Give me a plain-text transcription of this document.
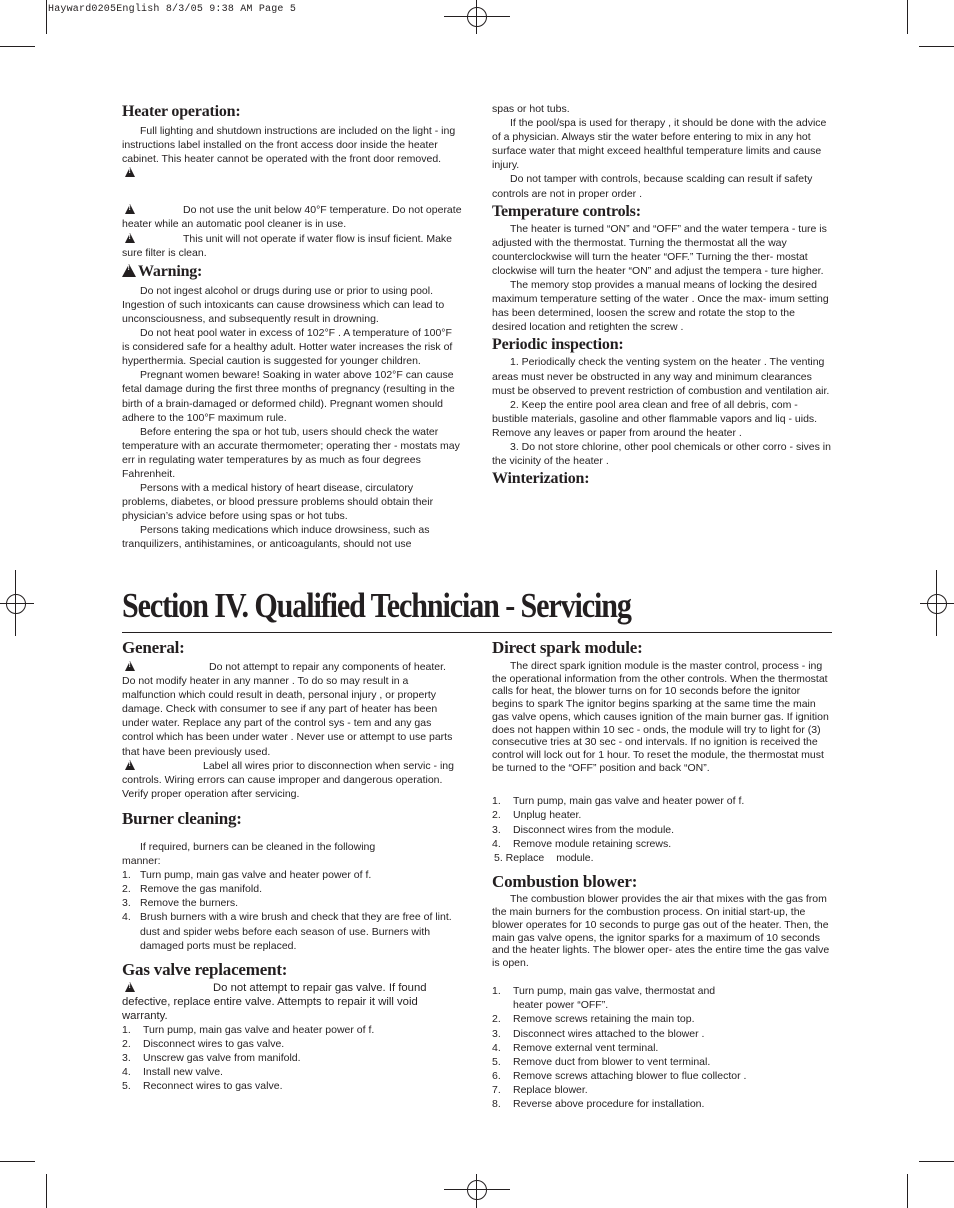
Hayward0205English 8/3/05 9:38 AM Page 5

Heater operation:

Full lighting and shutdown instructions are included on the light - ing instructions label installed on the front access door inside the heater cabinet. This heater cannot be operated with the front door removed.

!

!Do not use the unit below 40°F temperature. Do not operate heater while an automatic pool cleaner is in use.

!This unit will not operate if water flow is insuf ficient. Make sure filter is clean.

!Warning:

Do not ingest alcohol or drugs during use or prior to using pool. Ingestion of such intoxicants can cause drowsiness which can lead to unconsciousness, and subsequently result in drowning.

Do not heat pool water in excess of 102°F . A temperature of 100°F is considered safe for a healthy adult. Hotter water increases the risk of hyperthermia. Special caution is suggested for younger children.

Pregnant women beware! Soaking in water above 102°F can cause fetal damage during the first three months of pregnancy (resulting in the birth of a brain-damaged or deformed child). Pregnant women should adhere to the 100°F maximum rule.

Before entering the spa or hot tub, users should check the water temperature with an accurate thermometer; operating ther - mostats may err in regulating water temperatures by as much as four degrees Fahrenheit.

Persons with a medical history of heart disease, circulatory problems, diabetes, or blood pressure problems should obtain their physician’s advice before using spas or hot tubs.

Persons taking medications which induce drowsiness, such as tranquilizers, antihistamines, or anticoagulants, should not use

spas or hot tubs.

If the pool/spa is used for therapy , it should be done with the advice of a physician. Always stir the water before entering to mix in any hot surface water that might exceed healthful temperature limits and cause injury.

Do not tamper with controls, because scalding can result if safety controls are not in proper order .

Temperature controls:

The heater is turned “ON” and “OFF” and the water tempera - ture is adjusted with the thermostat. Turning the thermostat all the way counterclockwise will turn the heater “OFF.” Turning the ther- mostat clockwise will turn the heater “ON” and adjust the tempera - ture higher.

The memory stop provides a manual means of locking the desired maximum temperature setting of the water . Once the max- imum setting has been determined, loosen the screw and rotate the stop to the desired location and retighten the screw .

Periodic inspection:

1. Periodically check the venting system on the heater . The venting areas must never be obstructed in any way and minimum clearances must be observed to prevent restriction of combustion and ventilation air.

2. Keep the entire pool area clean and free of all debris, com - bustible materials, gasoline and other flammable vapors and liq - uids. Remove any leaves or paper from around the heater .

3. Do not store chlorine, other pool chemicals or other corro - sives in the vicinity of the heater .

Winterization:

Section IV. Qualified Technician - Servicing

General:

!Do not attempt to repair any components of heater. Do not modify heater in any manner . To do so may result in a malfunction which could result in death, personal injury , or property damage. Check with consumer to see if any part of heater has been under water. Replace any part of the control sys - tem and any gas control which has been under water . Never use or attempt to use parts that have been previously used.

!Label all wires prior to disconnection when servic - ing controls. Wiring errors can cause improper and dangerous operation. Verify proper operation after servicing.

Burner cleaning:

If required, burners can be cleaned in the following

manner:

1. Turn pump, main gas valve and heater power of f.
2. Remove the gas manifold.
3. Remove the burners.
4. Brush burners with a wire brush and check that they are free of lint. dust and spider webs before each season of use. Burners with damaged ports must be replaced.

Gas valve replacement:

!Do not attempt to repair gas valve. If found defective, replace entire valve. Attempts to repair it will void warranty.

1.	Turn pump, main gas valve and heater power of f.
2.	Disconnect wires to gas valve.
3.	Unscrew gas valve from manifold.
4.	Install new valve.
5.	Reconnect wires to gas valve.

Direct spark module:

The direct spark ignition module is the master control, process - ing the operational information from the other controls. When the thermostat calls for heat, the blower turns on for 10 seconds before the ignitor begins to spark The ignitor begins sparking at the same time the main gas valve opens, which causes ignition of the main burner gas. If ignition does not happen within 10 sec - onds, the module will try to light for (3) consecutive tries at 30 sec - ond intervals. If no ignition is received the control will lock out for 1 hour. To reset the module, the thermostat must be turned to the “OFF” position and back “ON”.

1.	Turn pump, main gas valve and heater power of f.
2.	Unplug heater.
3.	Disconnect wires from the module.
4.	Remove module retaining screws.
5. Replace module.

Combustion blower:

The combustion blower provides the air that mixes with the gas from the main burners for the combustion process. On initial start-up, the blower operates for 10 seconds to purge gas out of the heater. Then, the main gas valve opens, the ignitor sparks for a maximum of 10 seconds and the heater lights. The blower oper- ates the entire time the gas valve is open.

1.	Turn pump, main gas valve, thermostat and
heater power “OFF”.
2.	Remove screws retaining the main top.
3.	Disconnect wires attached to the blower .
4.	Remove external vent terminal.
5.	Remove duct from blower to vent terminal.
6.	Remove screws attaching blower to flue collector .
7.	Replace blower.
8.	Reverse above procedure for installation.
